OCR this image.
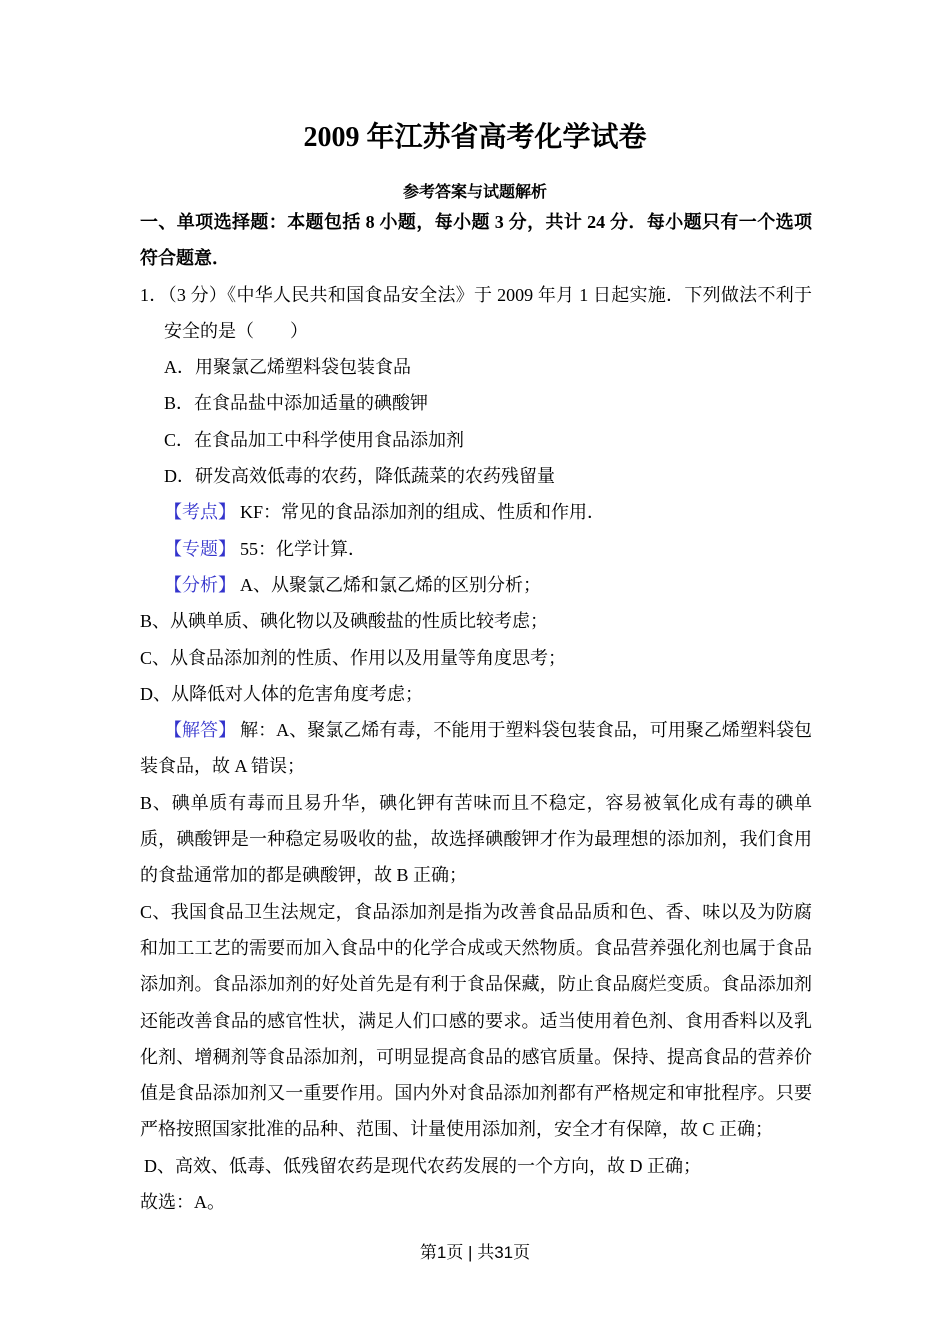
2009 年江苏省高考化学试卷
参考答案与试题解析
一、单项选择题：本题包括 8 小题，每小题 3 分，共计 24 分．每小题只有一个选项符合题意．
1．（3 分）《中华人民共和国食品安全法》于 2009 年月 1 日起实施．下列做法不利于安全的是（　　）
A．用聚氯乙烯塑料袋包装食品
B．在食品盐中添加适量的碘酸钾
C．在食品加工中科学使用食品添加剂
D．研发高效低毒的农药，降低蔬菜的农药残留量
【考点】 KF：常见的食品添加剂的组成、性质和作用．
【专题】 55：化学计算．
【分析】 A、从聚氯乙烯和氯乙烯的区别分析；
B、从碘单质、碘化物以及碘酸盐的性质比较考虑；
C、从食品添加剂的性质、作用以及用量等角度思考；
D、从降低对人体的危害角度考虑；
【解答】 解：A、聚氯乙烯有毒，不能用于塑料袋包装食品，可用聚乙烯塑料袋包装食品，故 A 错误；
B、碘单质有毒而且易升华，碘化钾有苦味而且不稳定，容易被氧化成有毒的碘单质，碘酸钾是一种稳定易吸收的盐，故选择碘酸钾才作为最理想的添加剂，我们食用的食盐通常加的都是碘酸钾，故 B 正确；
C、我国食品卫生法规定，食品添加剂是指为改善食品品质和色、香、味以及为防腐和加工工艺的需要而加入食品中的化学合成或天然物质。食品营养强化剂也属于食品添加剂。食品添加剂的好处首先是有利于食品保藏，防止食品腐烂变质。食品添加剂还能改善食品的感官性状，满足人们口感的要求。适当使用着色剂、食用香料以及乳化剂、增稠剂等食品添加剂，可明显提高食品的感官质量。保持、提高食品的营养价值是食品添加剂又一重要作用。国内外对食品添加剂都有严格规定和审批程序。只要严格按照国家批准的品种、范围、计量使用添加剂，安全才有保障，故 C 正确；
D、高效、低毒、低残留农药是现代农药发展的一个方向，故 D 正确；
故选：A。
第1页 | 共31页
